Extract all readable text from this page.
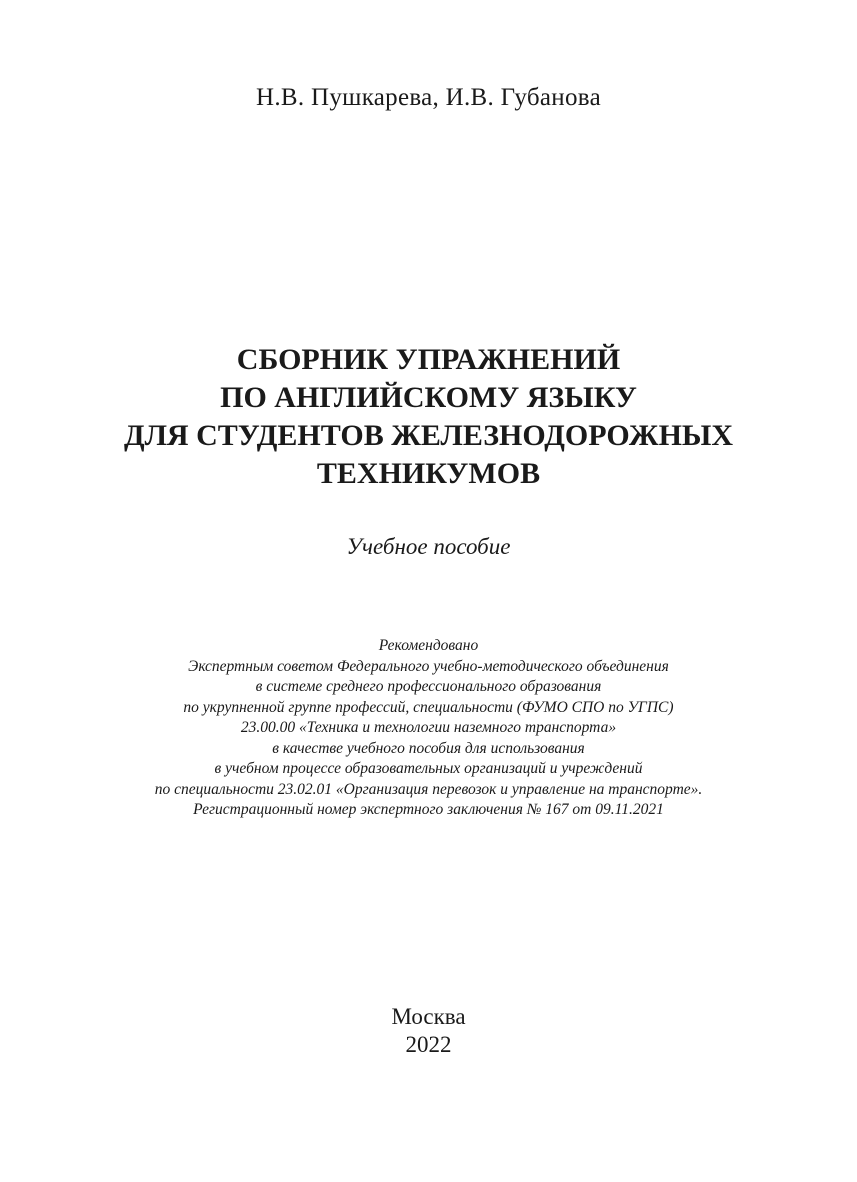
Н.В. Пушкарева, И.В. Губанова
СБОРНИК УПРАЖНЕНИЙ
ПО АНГЛИЙСКОМУ ЯЗЫКУ
ДЛЯ СТУДЕНТОВ ЖЕЛЕЗНОДОРОЖНЫХ
ТЕХНИКУМОВ
Учебное пособие
Рекомендовано
Экспертным советом Федерального учебно-методического объединения
в системе среднего профессионального образования
по укрупненной группе профессий, специальности (ФУМО СПО по УГПС)
23.00.00 «Техника и технологии наземного транспорта»
в качестве учебного пособия для использования
в учебном процессе образовательных организаций и учреждений
по специальности 23.02.01 «Организация перевозок и управление на транспорте».
Регистрационный номер экспертного заключения № 167 от 09.11.2021
Москва
2022
